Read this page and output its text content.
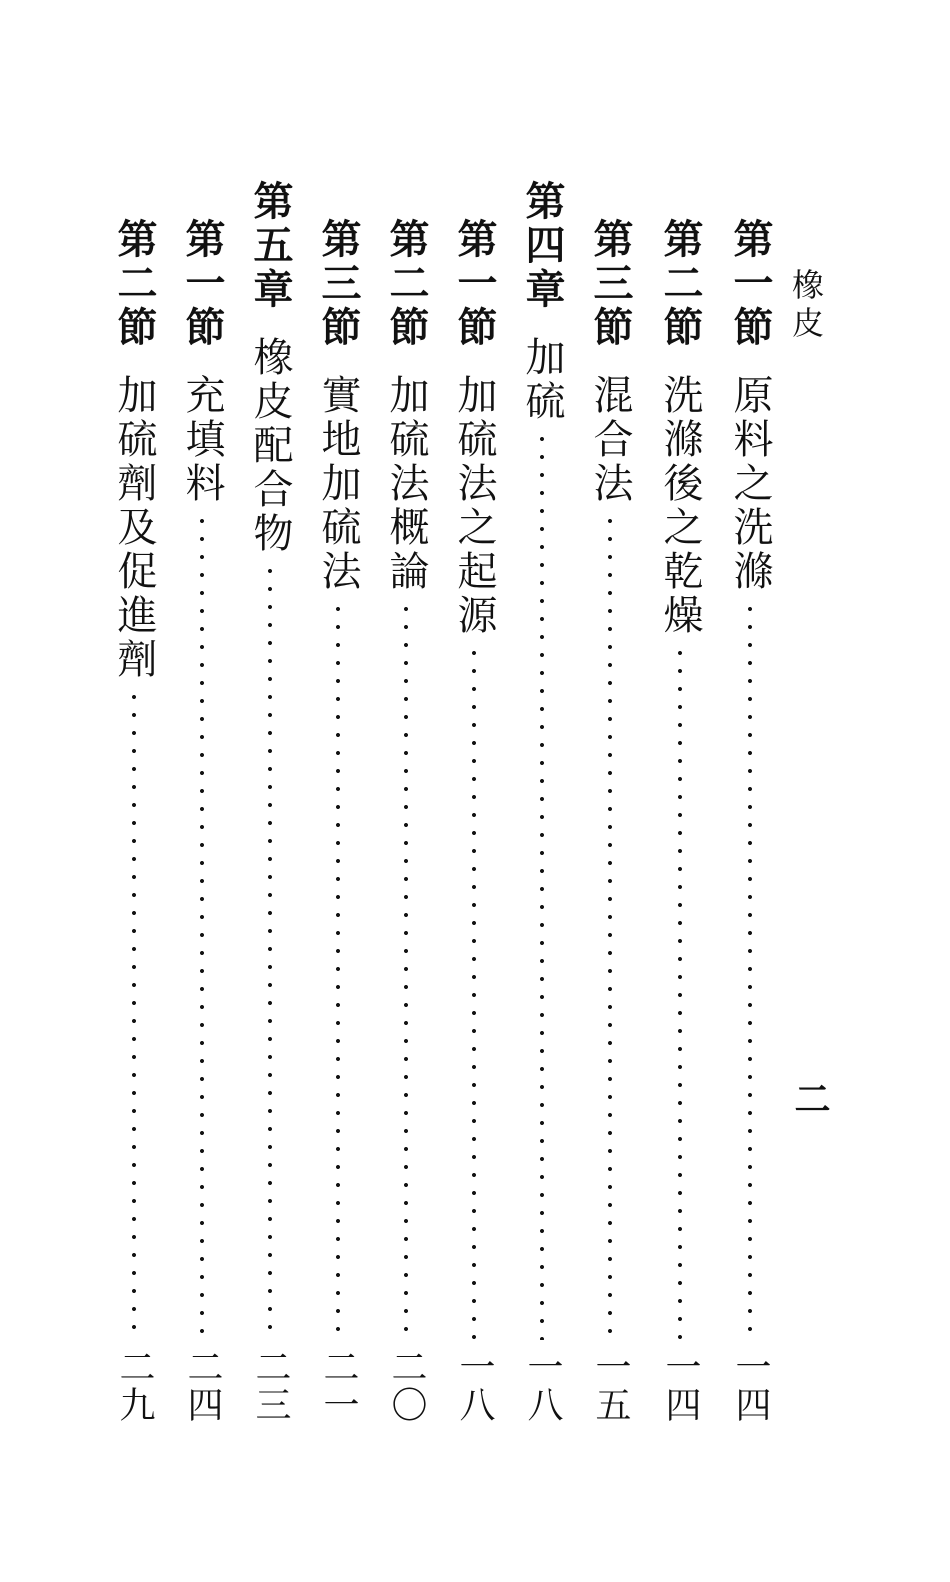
橡皮
二
第一節原料之洗滌
一四
第二節洗滌後之乾燥
一四
第三節混合法
一五
第四章加硫
一八
第一節加硫法之起源
一八
第二節加硫法概論
二〇
第三節實地加硫法
二一
第五章橡皮配合物
二三
第一節充填料
二四
第二節加硫劑及促進劑
二九
